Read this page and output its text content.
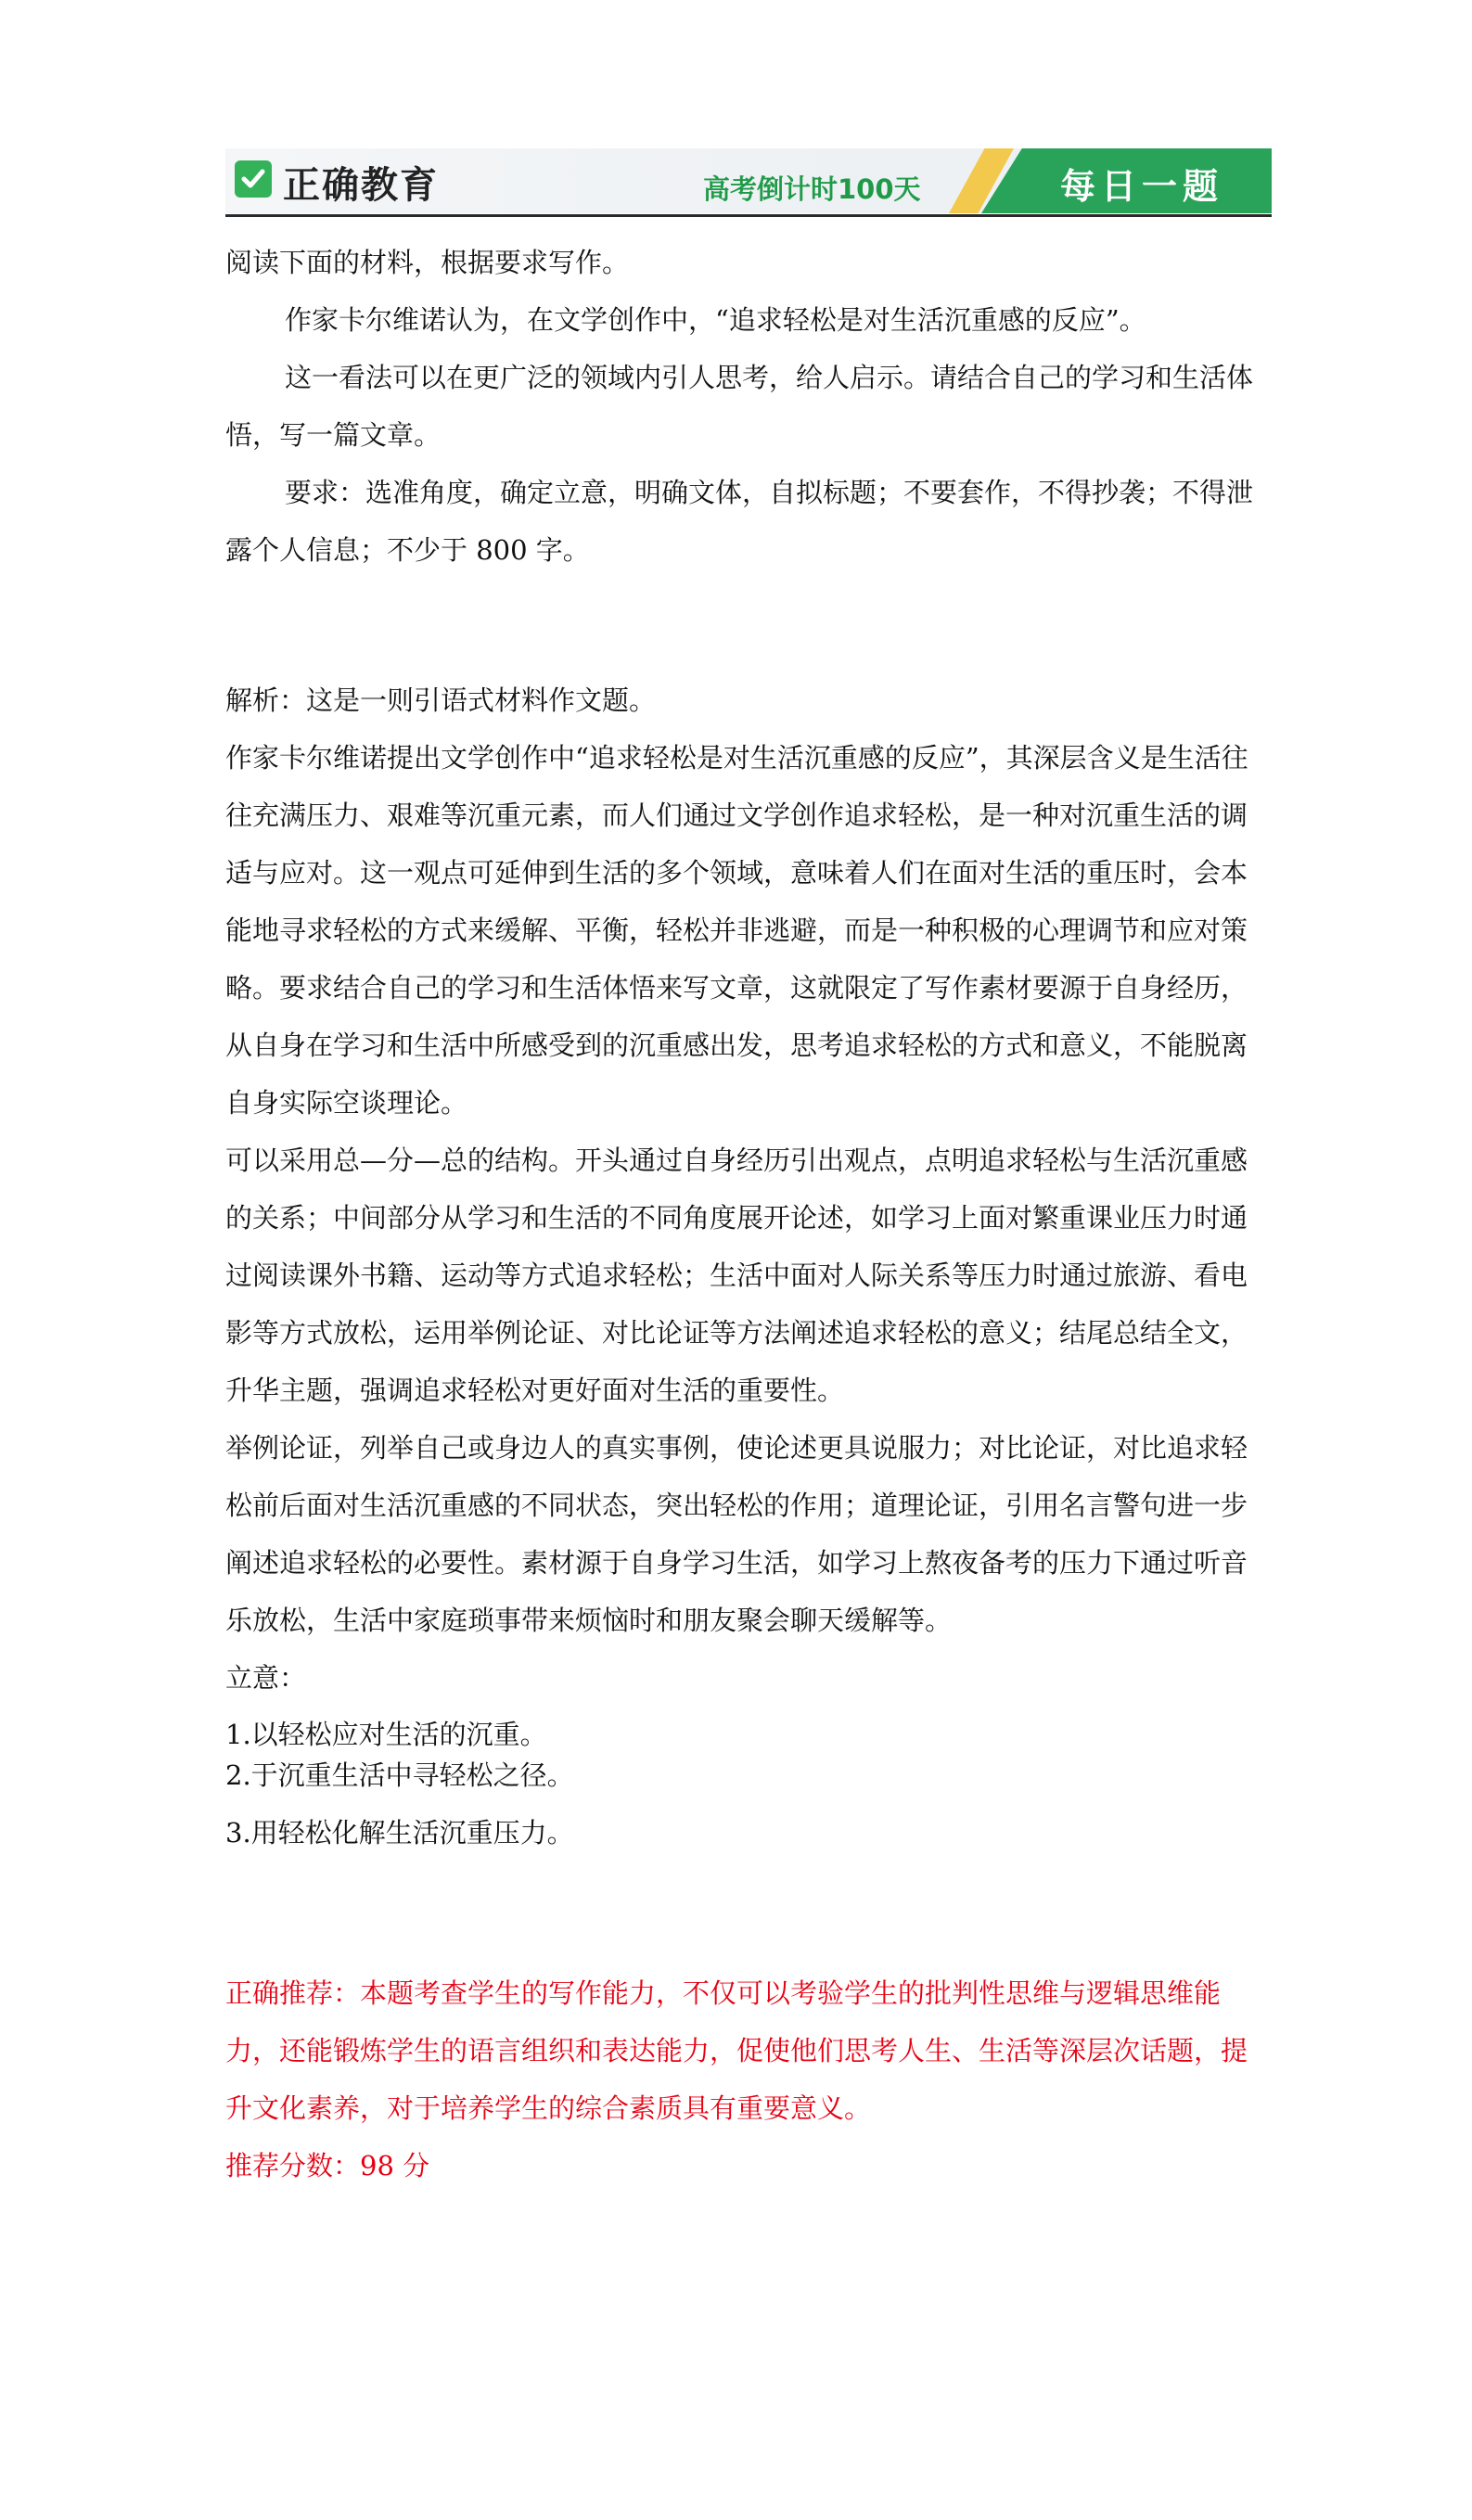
正确教育	高考倒计时100天	每日一题

阅读下面的材料，根据要求写作。

作家卡尔维诺认为，在文学创作中，“追求轻松是对生活沉重感的反应”。

这一看法可以在更广泛的领域内引人思考，给人启示。请结合自己的学习和生活体悟，写一篇文章。

要求：选准角度，确定立意，明确文体，自拟标题；不要套作，不得抄袭；不得泄露个人信息；不少于 800 字。

解析：这是一则引语式材料作文题。

作家卡尔维诺提出文学创作中“追求轻松是对生活沉重感的反应”，其深层含义是生活往往充满压力、艰难等沉重元素，而人们通过文学创作追求轻松，是一种对沉重生活的调适与应对。这一观点可延伸到生活的多个领域，意味着人们在面对生活的重压时，会本能地寻求轻松的方式来缓解、平衡，轻松并非逃避，而是一种积极的心理调节和应对策略。要求结合自己的学习和生活体悟来写文章，这就限定了写作素材要源于自身经历，从自身在学习和生活中所感受到的沉重感出发，思考追求轻松的方式和意义，不能脱离自身实际空谈理论。

可以采用总—分—总的结构。开头通过自身经历引出观点，点明追求轻松与生活沉重感的关系；中间部分从学习和生活的不同角度展开论述，如学习上面对繁重课业压力时通过阅读课外书籍、运动等方式追求轻松；生活中面对人际关系等压力时通过旅游、看电影等方式放松，运用举例论证、对比论证等方法阐述追求轻松的意义；结尾总结全文，升华主题，强调追求轻松对更好面对生活的重要性。

举例论证，列举自己或身边人的真实事例，使论述更具说服力；对比论证，对比追求轻松前后面对生活沉重感的不同状态，突出轻松的作用；道理论证，引用名言警句进一步阐述追求轻松的必要性。素材源于自身学习生活，如学习上熬夜备考的压力下通过听音乐放松，生活中家庭琐事带来烦恼时和朋友聚会聊天缓解等。

立意：

1.以轻松应对生活的沉重。

2.于沉重生活中寻轻松之径。

3.用轻松化解生活沉重压力。

正确推荐：本题考查学生的写作能力，不仅可以考验学生的批判性思维与逻辑思维能力，还能锻炼学生的语言组织和表达能力，促使他们思考人生、生活等深层次话题，提升文化素养，对于培养学生的综合素质具有重要意义。

推荐分数：98 分
